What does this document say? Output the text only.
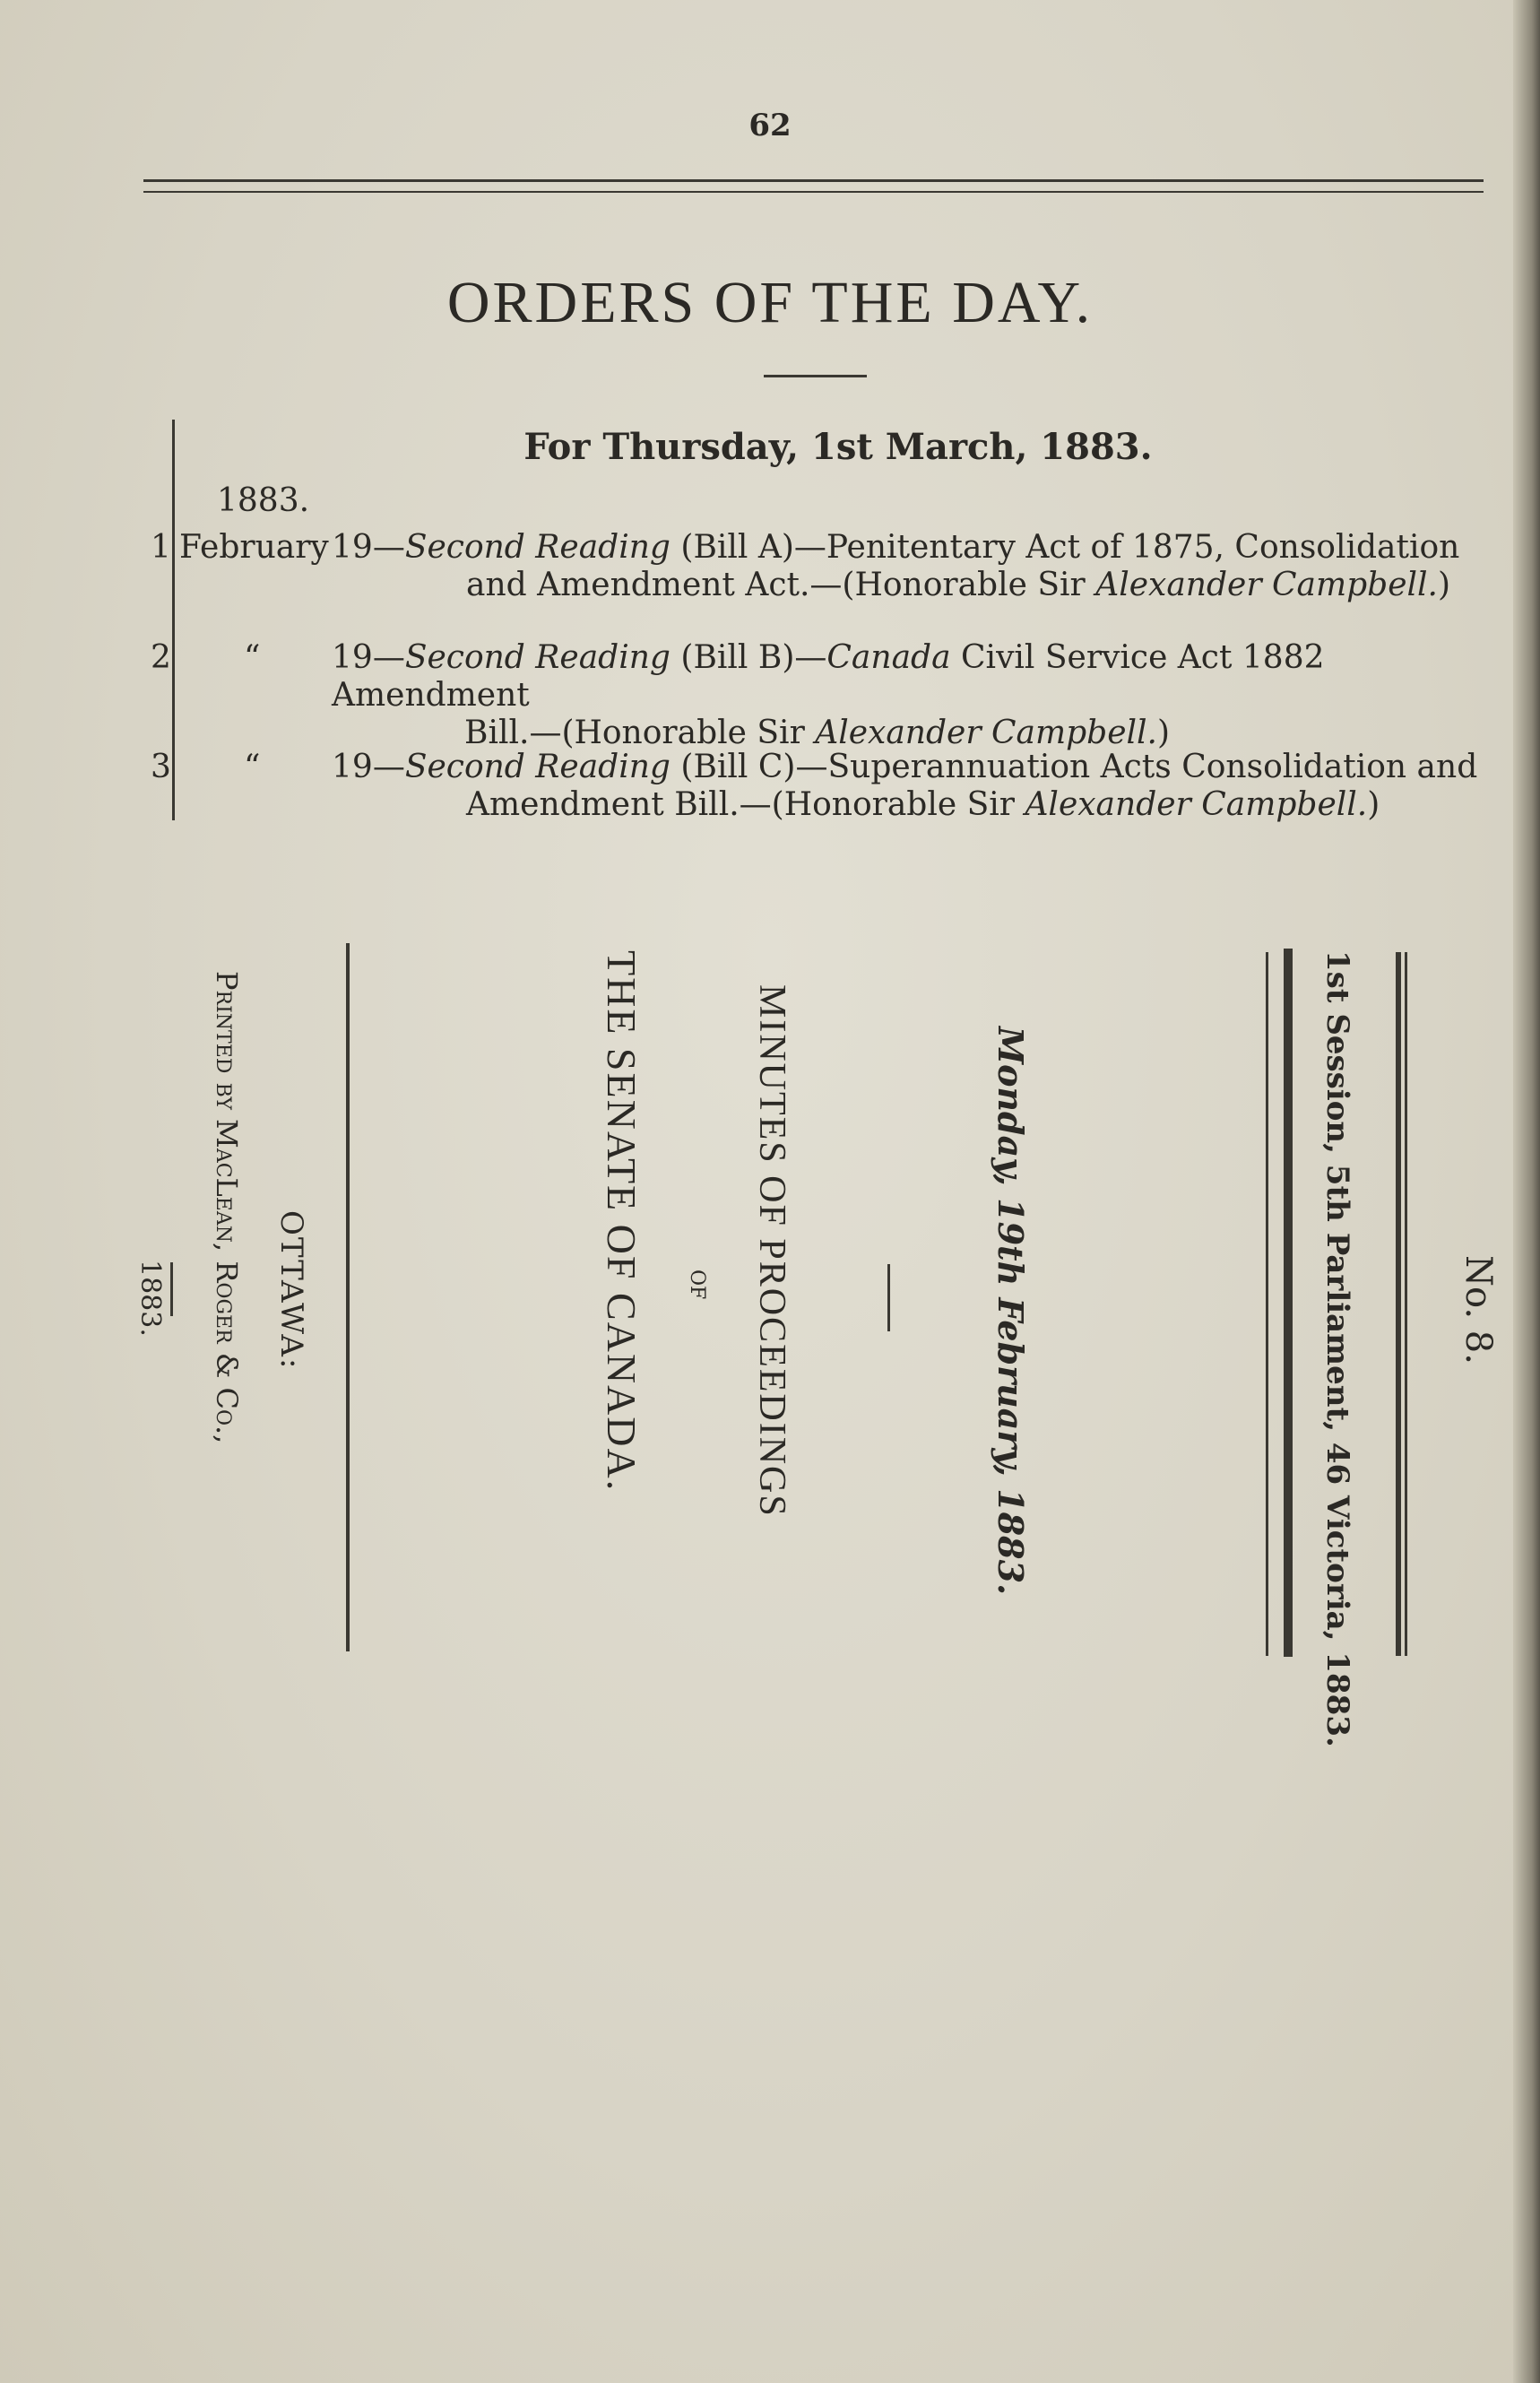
62
ORDERS OF THE DAY.
For Thursday, 1st March, 1883.
1883.
1 February 19—Second Reading (Bill A)—Penitentary Act of 1875, Consolidation
and Amendment Act.—(Honorable Sir Alexander Campbell.)
2 “ 19—Second Reading (Bill B)—Canada Civil Service Act 1882 Amendment
Bill.—(Honorable Sir Alexander Campbell.)
3 “ 19—Second Reading (Bill C)—Superannuation Acts Consolidation and
Amendment Bill.—(Honorable Sir Alexander Campbell.)
No. 8.
1st Session, 5th Parliament, 46 Victoria, 1883.
Monday, 19th February, 1883.
MINUTES OF PROCEEDINGS
OF
THE SENATE OF CANADA.
OTTAWA:
Printed by MacLean, Roger & Co.,
1883.
